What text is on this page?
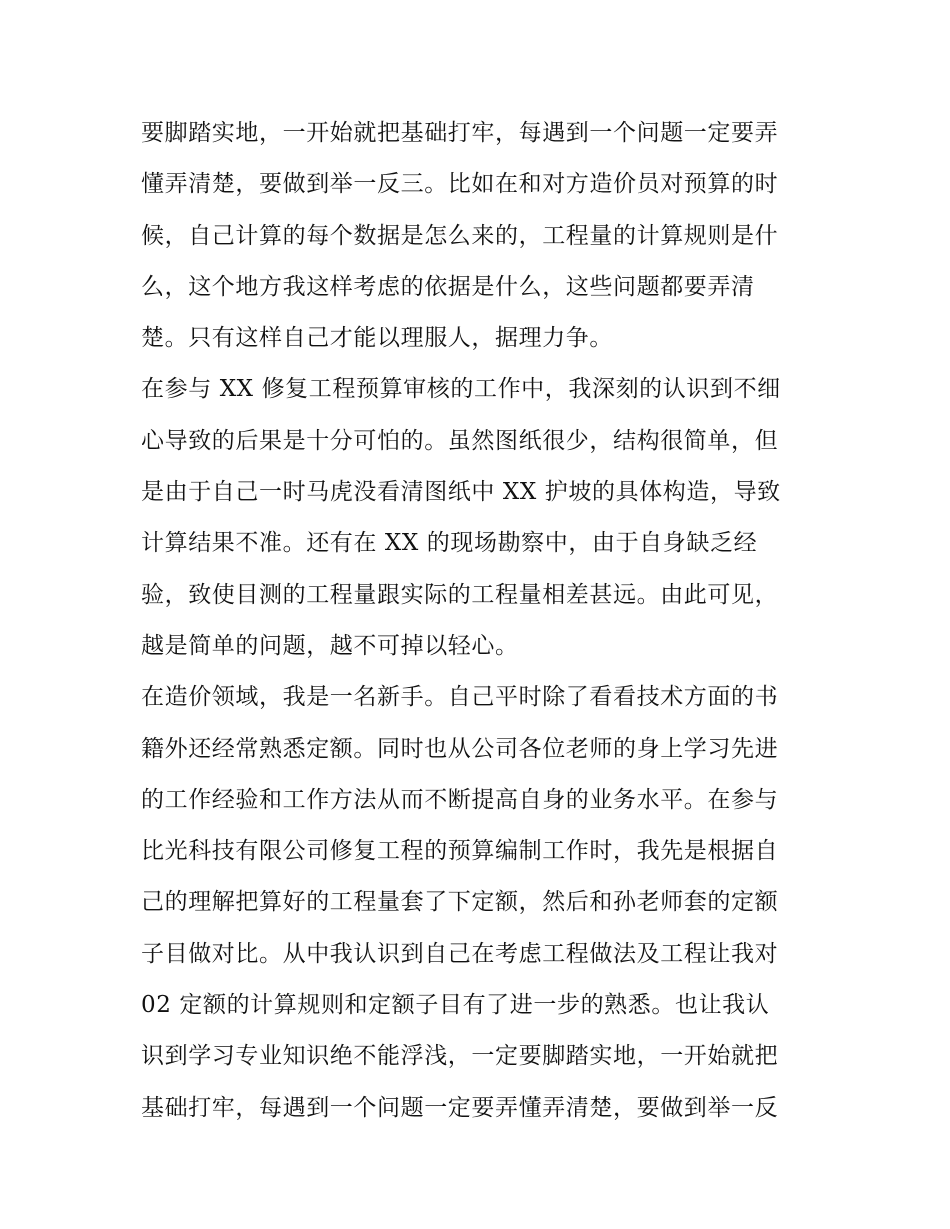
要脚踏实地，一开始就把基础打牢，每遇到一个问题一定要弄
懂弄清楚，要做到举一反三。比如在和对方造价员对预算的时
候，自己计算的每个数据是怎么来的，工程量的计算规则是什
么，这个地方我这样考虑的依据是什么，这些问题都要弄清
楚。只有这样自己才能以理服人，据理力争。
在参与 XX 修复工程预算审核的工作中，我深刻的认识到不细
心导致的后果是十分可怕的。虽然图纸很少，结构很简单，但
是由于自己一时马虎没看清图纸中 XX 护坡的具体构造，导致
计算结果不准。还有在 XX 的现场勘察中，由于自身缺乏经
验，致使目测的工程量跟实际的工程量相差甚远。由此可见，
越是简单的问题，越不可掉以轻心。
在造价领域，我是一名新手。自己平时除了看看技术方面的书
籍外还经常熟悉定额。同时也从公司各位老师的身上学习先进
的工作经验和工作方法从而不断提高自身的业务水平。在参与
比光科技有限公司修复工程的预算编制工作时，我先是根据自
己的理解把算好的工程量套了下定额，然后和孙老师套的定额
子目做对比。从中我认识到自己在考虑工程做法及工程让我对
02 定额的计算规则和定额子目有了进一步的熟悉。也让我认
识到学习专业知识绝不能浮浅，一定要脚踏实地，一开始就把
基础打牢，每遇到一个问题一定要弄懂弄清楚，要做到举一反
